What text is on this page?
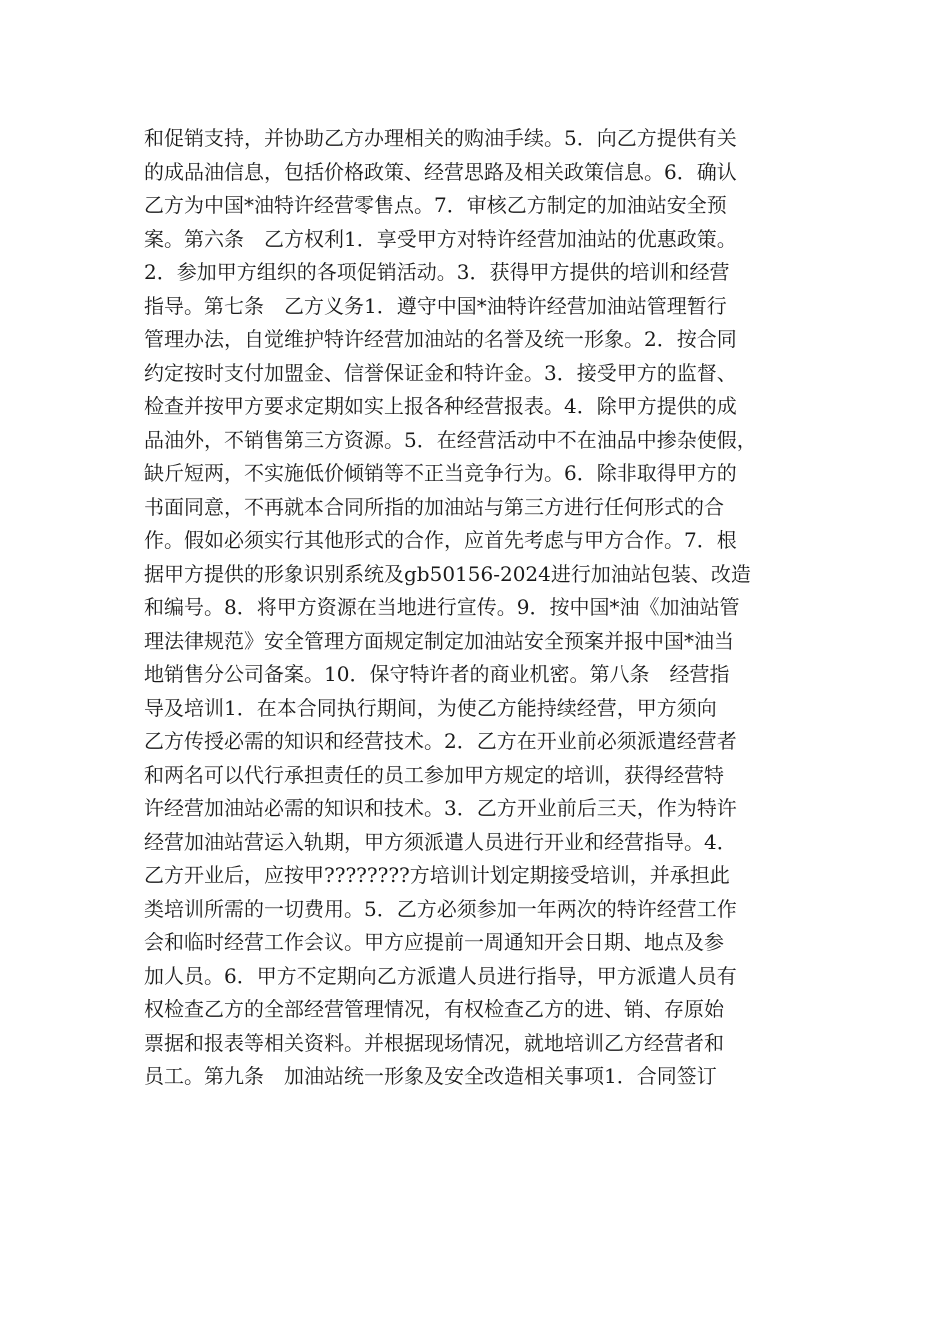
和促销支持，并协助乙方办理相关的购油手续。5．向乙方提供有关
的成品油信息，包括价格政策、经营思路及相关政策信息。6．确认
乙方为中国*油特许经营零售点。7．审核乙方制定的加油站安全预
案。第六条　乙方权利1．享受甲方对特许经营加油站的优惠政策。
2．参加甲方组织的各项促销活动。3．获得甲方提供的培训和经营
指导。第七条　乙方义务1．遵守中国*油特许经营加油站管理暂行
管理办法，自觉维护特许经营加油站的名誉及统一形象。2．按合同
约定按时支付加盟金、信誉保证金和特许金。3．接受甲方的监督、
检查并按甲方要求定期如实上报各种经营报表。4．除甲方提供的成
品油外，不销售第三方资源。5．在经营活动中不在油品中掺杂使假，
缺斤短两，不实施低价倾销等不正当竞争行为。6．除非取得甲方的
书面同意，不再就本合同所指的加油站与第三方进行任何形式的合
作。假如必须实行其他形式的合作，应首先考虑与甲方合作。7．根
据甲方提供的形象识别系统及gb50156-2024进行加油站包装、改造
和编号。8．将甲方资源在当地进行宣传。9．按中国*油《加油站管
理法律规范》安全管理方面规定制定加油站安全预案并报中国*油当
地销售分公司备案。10．保守特许者的商业机密。第八条　经营指
导及培训1．在本合同执行期间，为使乙方能持续经营，甲方须向
乙方传授必需的知识和经营技术。2．乙方在开业前必须派遣经营者
和两名可以代行承担责任的员工参加甲方规定的培训，获得经营特
许经营加油站必需的知识和技术。3．乙方开业前后三天，作为特许
经营加油站营运入轨期，甲方须派遣人员进行开业和经营指导。4．
乙方开业后，应按甲????????方培训计划定期接受培训，并承担此
类培训所需的一切费用。5．乙方必须参加一年两次的特许经营工作
会和临时经营工作会议。甲方应提前一周通知开会日期、地点及参
加人员。6．甲方不定期向乙方派遣人员进行指导，甲方派遣人员有
权检查乙方的全部经营管理情况，有权检查乙方的进、销、存原始
票据和报表等相关资料。并根据现场情况，就地培训乙方经营者和
员工。第九条　加油站统一形象及安全改造相关事项1．合同签订
